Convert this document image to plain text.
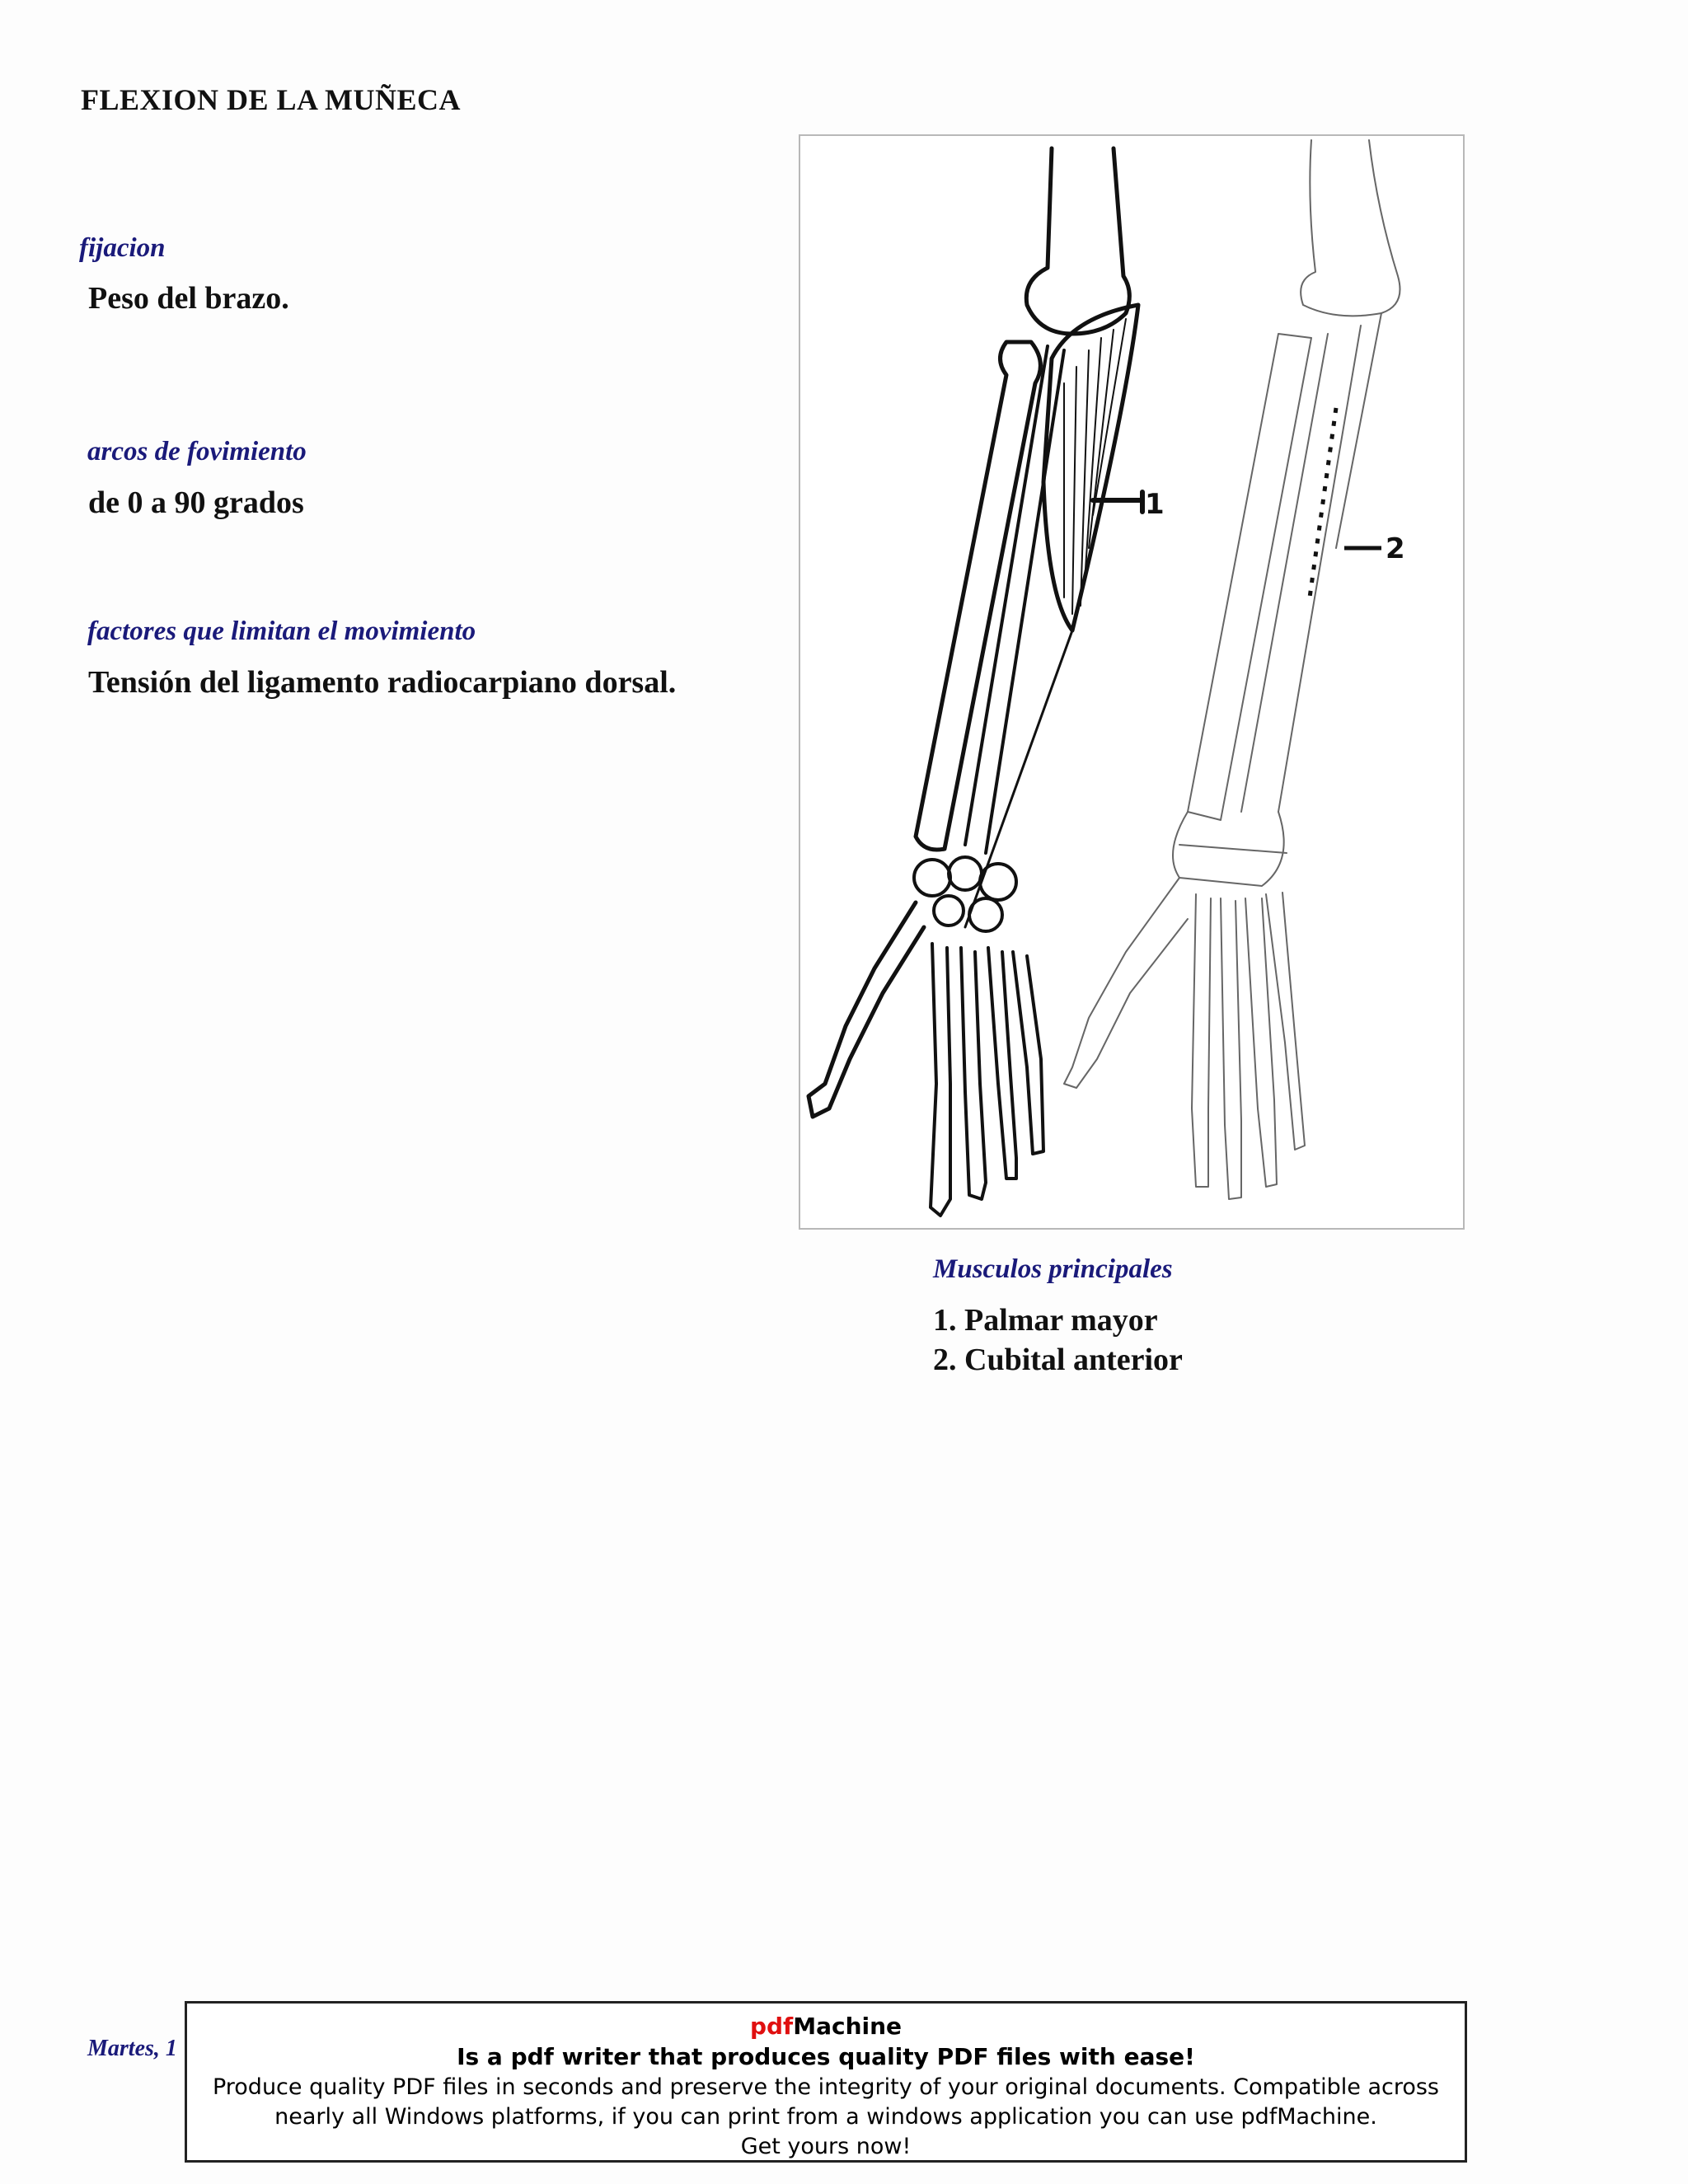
FLEXION DE LA MUÑECA
fijacion
Peso del brazo.
arcos de fovimiento
de 0 a 90 grados
factores que limitan el movimiento
Tensión del ligamento radiocarpiano dorsal.
1
2
Musculos principales
1. Palmar mayor
2. Cubital anterior
Martes, 1
pdfMachine
Is a pdf writer that produces quality PDF files with ease!
Produce quality PDF files in seconds and preserve the integrity of your original documents. Compatible across
nearly all Windows platforms, if you can print from a windows application you can use pdfMachine.
Get yours now!
